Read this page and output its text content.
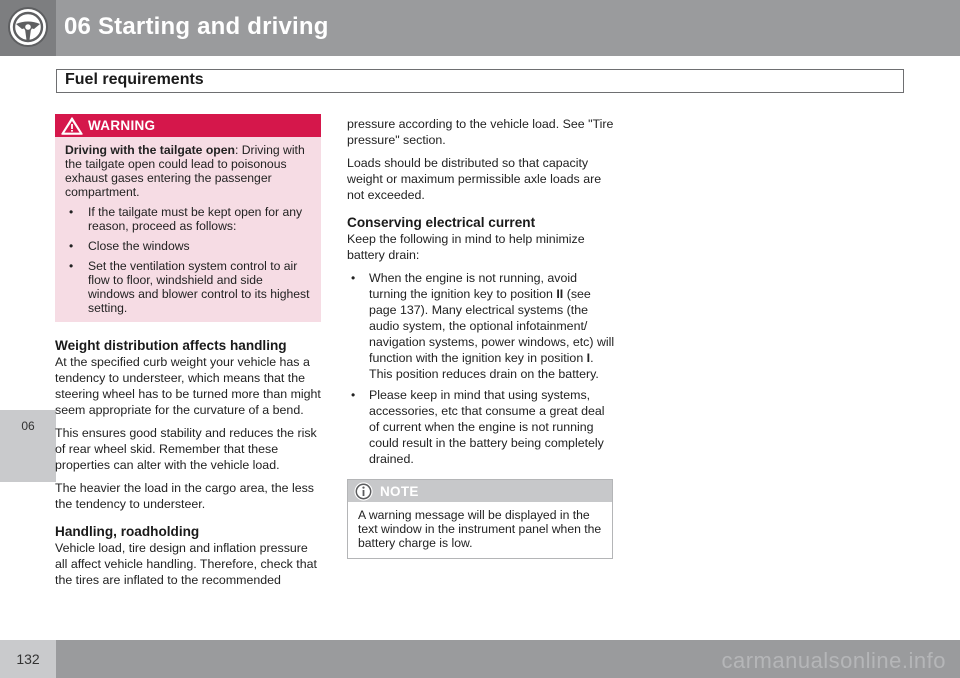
06 Starting and driving
Fuel requirements
06
WARNING

Driving with the tailgate open: Driving with the tailgate open could lead to poisonous exhaust gases entering the passenger compartment.

• If the tailgate must be kept open for any reason, proceed as follows:
• Close the windows
• Set the ventilation system control to air flow to floor, windshield and side windows and blower control to its highest setting.
Weight distribution affects handling

At the specified curb weight your vehicle has a tendency to understeer, which means that the steering wheel has to be turned more than might seem appropriate for the curvature of a bend.

This ensures good stability and reduces the risk of rear wheel skid. Remember that these properties can alter with the vehicle load.

The heavier the load in the cargo area, the less the tendency to understeer.

Handling, roadholding

Vehicle load, tire design and inflation pressure all affect vehicle handling. Therefore, check that the tires are inflated to the recommended

pressure according to the vehicle load. See "Tire pressure" section.

Loads should be distributed so that capacity weight or maximum permissible axle loads are not exceeded.

Conserving electrical current

Keep the following in mind to help minimize battery drain:

• When the engine is not running, avoid turning the ignition key to position II (see page 137). Many electrical systems (the audio system, the optional infotainment/ navigation systems, power windows, etc) will function with the ignition key in position I. This position reduces drain on the battery.
• Please keep in mind that using systems, accessories, etc that consume a great deal of current when the engine is not running could result in the battery being completely drained.
NOTE
A warning message will be displayed in the text window in the instrument panel when the battery charge is low.
132	carmanualsonline.info
